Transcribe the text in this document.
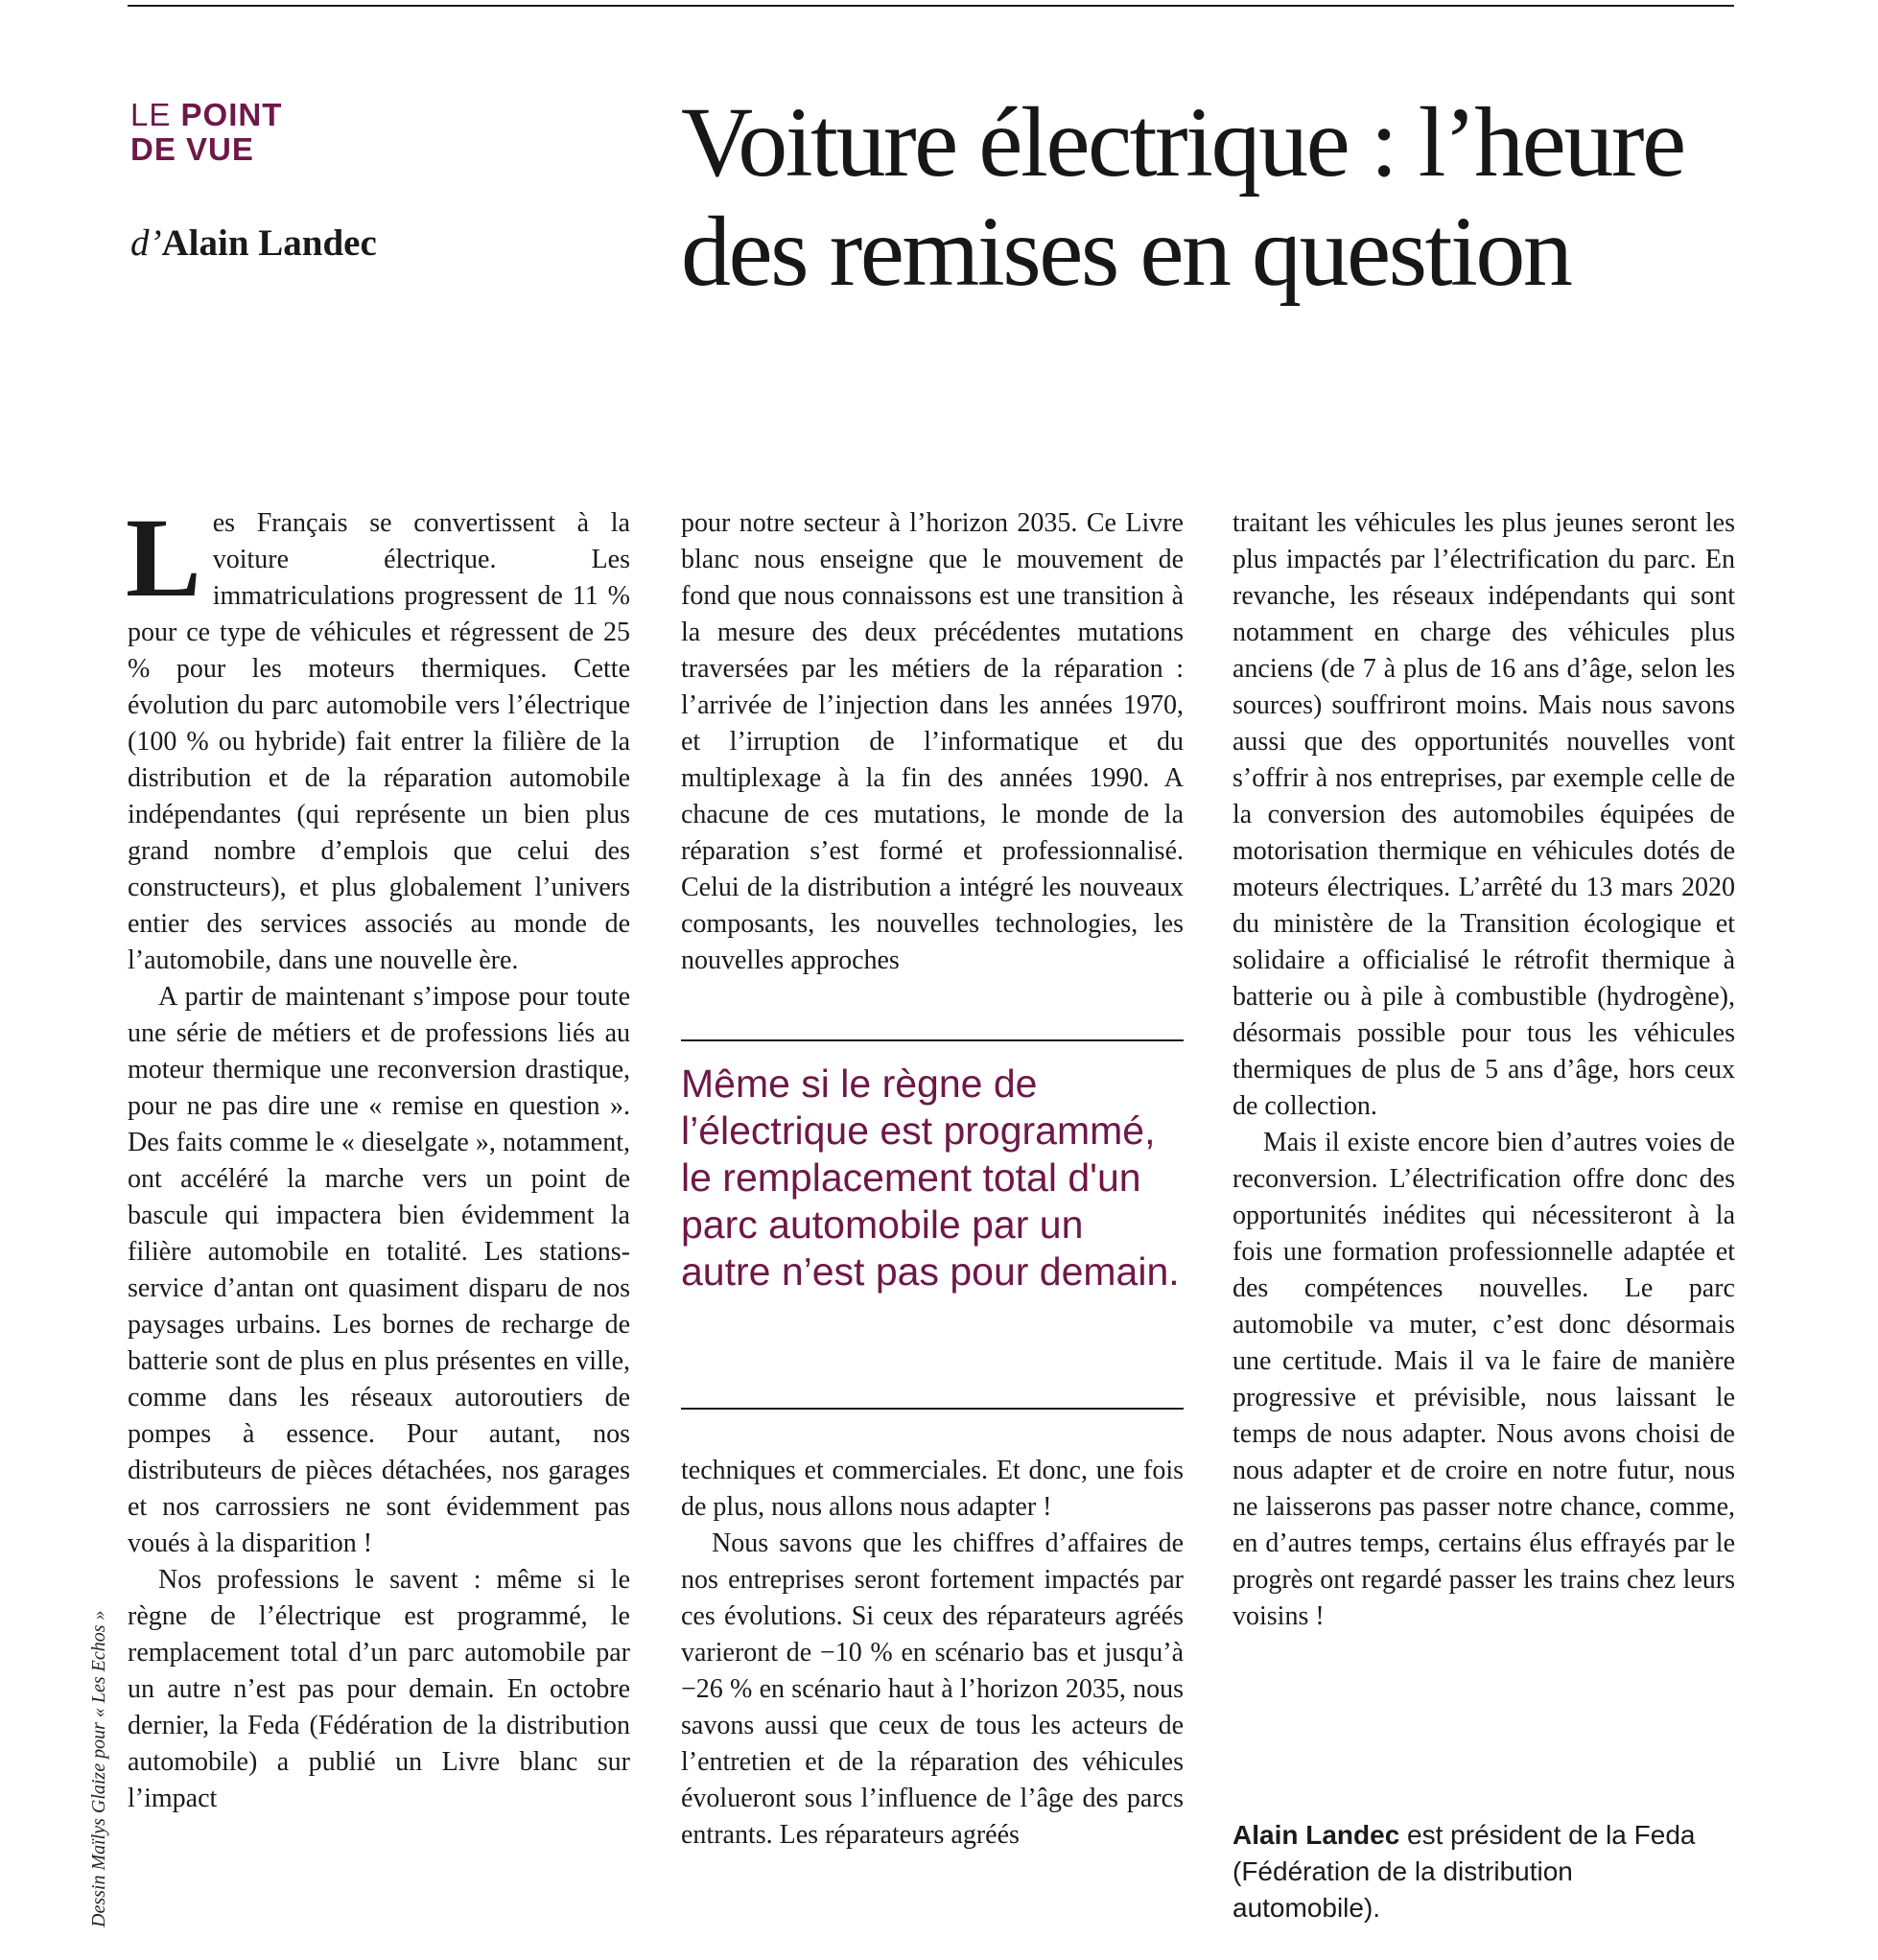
LE POINT
DE VUE
d’Alain Landec
Voiture électrique : l’heure des remises en question

Les Français se convertissent à la voiture électrique. Les immatriculations progressent de 11 % pour ce type de véhicules et régressent de 25 % pour les moteurs thermiques. Cette évolution du parc automobile vers l’électrique (100 % ou hybride) fait entrer la filière de la distribution et de la réparation automobile indépendantes (qui représente un bien plus grand nombre d’emplois que celui des constructeurs), et plus globalement l’univers entier des services associés au monde de l’automobile, dans une nouvelle ère.

A partir de maintenant s’impose pour toute une série de métiers et de professions liés au moteur thermique une reconversion drastique, pour ne pas dire une « remise en question ». Des faits comme le « dieselgate », notamment, ont accéléré la marche vers un point de bascule qui impactera bien évidemment la filière automobile en totalité. Les stations-service d’antan ont quasiment disparu de nos paysages urbains. Les bornes de recharge de batterie sont de plus en plus présentes en ville, comme dans les réseaux autoroutiers de pompes à essence. Pour autant, nos distributeurs de pièces détachées, nos garages et nos carrossiers ne sont évidemment pas voués à la disparition !

Nos professions le savent : même si le règne de l’électrique est programmé, le remplacement total d’un parc automobile par un autre n’est pas pour demain. En octobre dernier, la Feda (Fédération de la distribution automobile) a publié un Livre blanc sur l’impact

pour notre secteur à l’horizon 2035. Ce Livre blanc nous enseigne que le mouvement de fond que nous connaissons est une transition à la mesure des deux précédentes mutations traversées par les métiers de la réparation : l’arrivée de l’injection dans les années 1970, et l’irruption de l’informatique et du multiplexage à la fin des années 1990. A chacune de ces mutations, le monde de la réparation s’est formé et professionnalisé. Celui de la distribution a intégré les nouveaux composants, les nouvelles technologies, les nouvelles approches

Même si le règne de l’électrique est programmé, le remplacement total d'un parc automobile par un autre n’est pas pour demain.

techniques et commerciales. Et donc, une fois de plus, nous allons nous adapter !

Nous savons que les chiffres d’affaires de nos entreprises seront fortement impactés par ces évolutions. Si ceux des réparateurs agréés varieront de −10 % en scénario bas et jusqu’à −26 % en scénario haut à l’horizon 2035, nous savons aussi que ceux de tous les acteurs de l’entretien et de la réparation des véhicules évolueront sous l’influence de l’âge des parcs entrants. Les réparateurs agréés

traitant les véhicules les plus jeunes seront les plus impactés par l’électrification du parc. En revanche, les réseaux indépendants qui sont notamment en charge des véhicules plus anciens (de 7 à plus de 16 ans d’âge, selon les sources) souffriront moins. Mais nous savons aussi que des opportunités nouvelles vont s’offrir à nos entreprises, par exemple celle de la conversion des automobiles équipées de motorisation thermique en véhicules dotés de moteurs électriques. L’arrêté du 13 mars 2020 du ministère de la Transition écologique et solidaire a officialisé le rétrofit thermique à batterie ou à pile à combustible (hydrogène), désormais possible pour tous les véhicules thermiques de plus de 5 ans d’âge, hors ceux de collection.

Mais il existe encore bien d’autres voies de reconversion. L’électrification offre donc des opportunités inédites qui nécessiteront à la fois une formation professionnelle adaptée et des compétences nouvelles. Le parc automobile va muter, c’est donc désormais une certitude. Mais il va le faire de manière progressive et prévisible, nous laissant le temps de nous adapter. Nous avons choisi de nous adapter et de croire en notre futur, nous ne laisserons pas passer notre chance, comme, en d’autres temps, certains élus effrayés par le progrès ont regardé passer les trains chez leurs voisins !

Alain Landec est président de la Feda (Fédération de la distribution automobile).
Dessin Maïlys Glaize pour « Les Echos »
